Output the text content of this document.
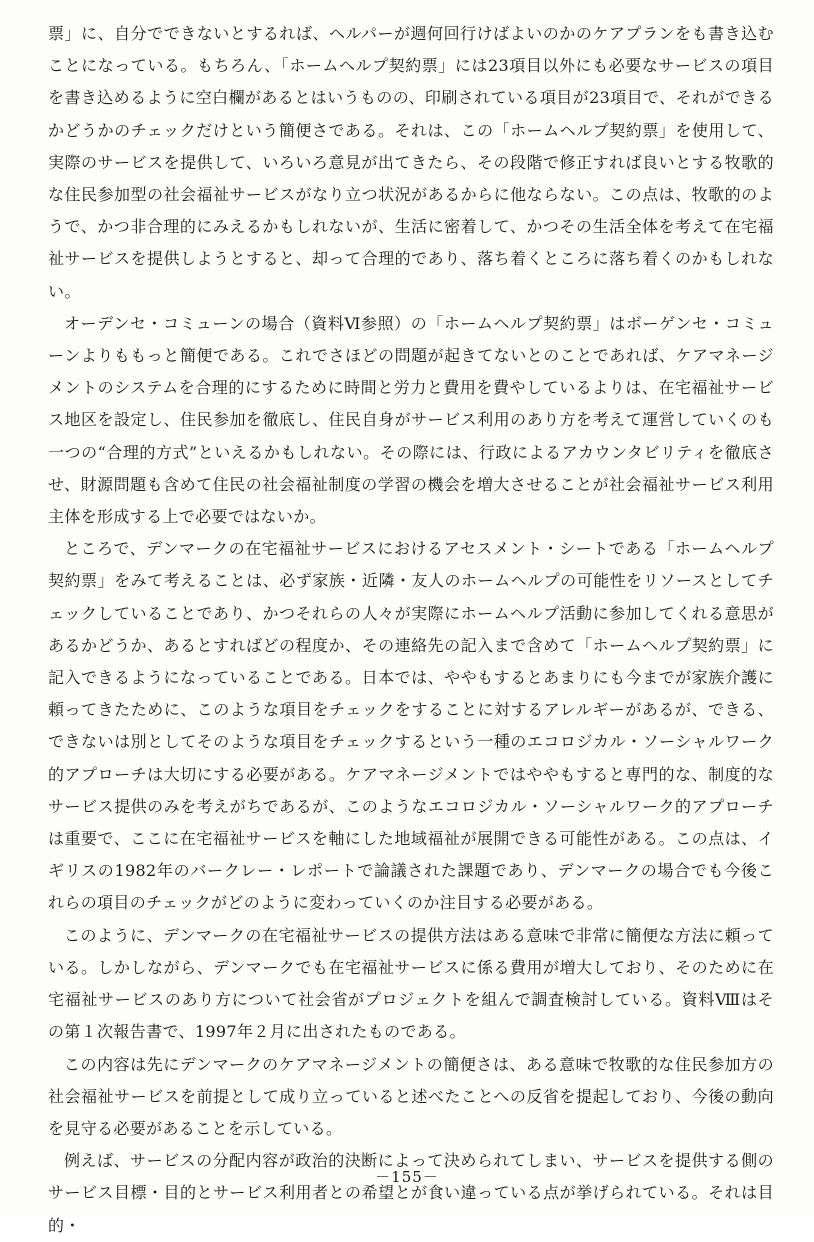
票」に、自分でできないとするれば、ヘルパーが週何回行けばよいのかのケアプランをも書き込むことになっている。もちろん、「ホームヘルプ契約票」には23項目以外にも必要なサービスの項目を書き込めるように空白欄があるとはいうものの、印刷されている項目が23項目で、それができるかどうかのチェックだけという簡便さである。それは、この「ホームヘルプ契約票」を使用して、実際のサービスを提供して、いろいろ意見が出てきたら、その段階で修正すれば良いとする牧歌的な住民参加型の社会福祉サービスがなり立つ状況があるからに他ならない。この点は、牧歌的のようで、かつ非合理的にみえるかもしれないが、生活に密着して、かつその生活全体を考えて在宅福祉サービスを提供しようとすると、却って合理的であり、落ち着くところに落ち着くのかもしれない。

オーデンセ・コミューンの場合（資料Ⅵ参照）の「ホームヘルプ契約票」はボーゲンセ・コミューンよりももっと簡便である。これでさほどの問題が起きてないとのことであれば、ケアマネージメントのシステムを合理的にするために時間と労力と費用を費やしているよりは、在宅福祉サービス地区を設定し、住民参加を徹底し、住民自身がサービス利用のあり方を考えて運営していくのも一つの“合理的方式”といえるかもしれない。その際には、行政によるアカウンタビリティを徹底させ、財源問題も含めて住民の社会福祉制度の学習の機会を増大させることが社会福祉サービス利用主体を形成する上で必要ではないか。

ところで、デンマークの在宅福祉サービスにおけるアセスメント・シートである「ホームヘルプ契約票」をみて考えることは、必ず家族・近隣・友人のホームヘルプの可能性をリソースとしてチェックしていることであり、かつそれらの人々が実際にホームヘルプ活動に参加してくれる意思があるかどうか、あるとすればどの程度か、その連絡先の記入まで含めて「ホームヘルプ契約票」に記入できるようになっていることである。日本では、ややもするとあまりにも今までが家族介護に頼ってきたために、このような項目をチェックをすることに対するアレルギーがあるが、できる、できないは別としてそのような項目をチェックするという一種のエコロジカル・ソーシャルワーク的アプローチは大切にする必要がある。ケアマネージメントではややもすると専門的な、制度的なサービス提供のみを考えがちであるが、このようなエコロジカル・ソーシャルワーク的アプローチは重要で、ここに在宅福祉サービスを軸にした地域福祉が展開できる可能性がある。この点は、イギリスの1982年のバークレー・レポートで論議された課題であり、デンマークの場合でも今後これらの項目のチェックがどのように変わっていくのか注目する必要がある。

このように、デンマークの在宅福祉サービスの提供方法はある意味で非常に簡便な方法に頼っている。しかしながら、デンマークでも在宅福祉サービスに係る費用が増大しており、そのために在宅福祉サービスのあり方について社会省がプロジェクトを組んで調査検討している。資料Ⅷはその第１次報告書で、1997年２月に出されたものである。

この内容は先にデンマークのケアマネージメントの簡便さは、ある意味で牧歌的な住民参加方の社会福祉サービスを前提として成り立っていると述べたことへの反省を提起しており、今後の動向を見守る必要があることを示している。

例えば、サービスの分配内容が政治的決断によって決められてしまい、サービスを提供する側のサービス目標・目的とサービス利用者との希望とが食い違っている点が挙げられている。それは目的・

－155－
